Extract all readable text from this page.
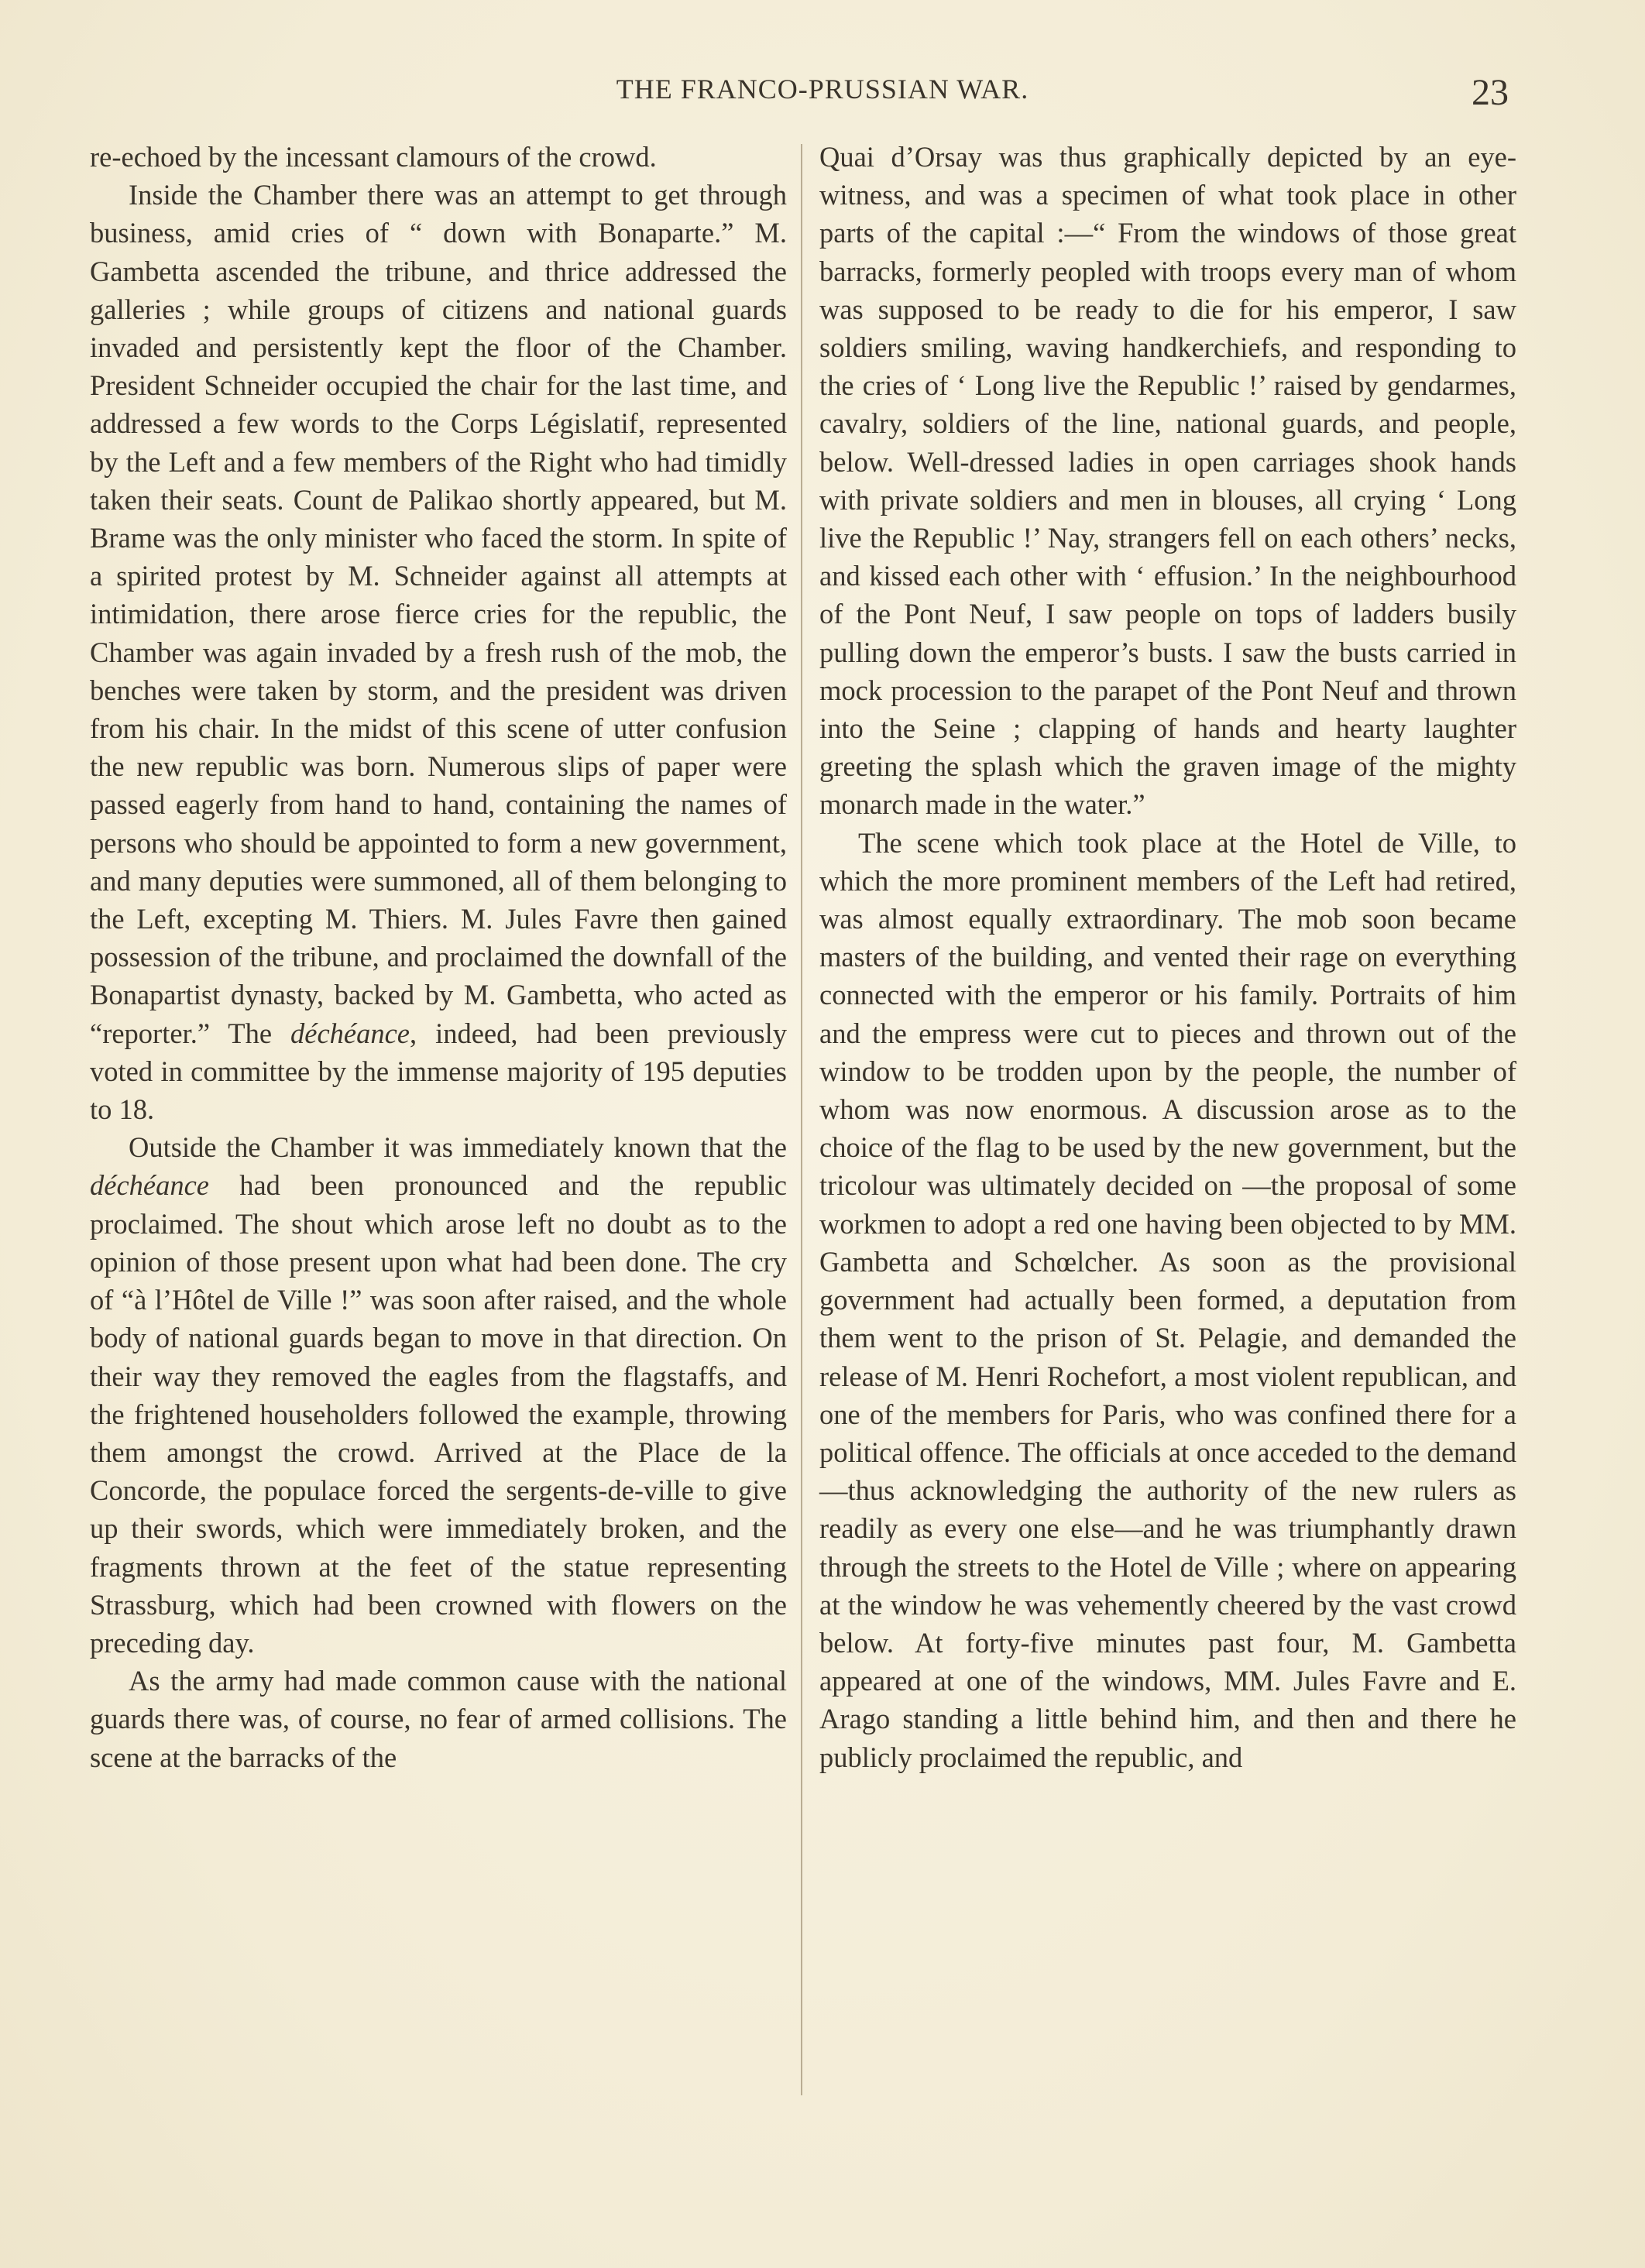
THE FRANCO-PRUSSIAN WAR.	23

re-echoed by the incessant clamours of the crowd.

Inside the Chamber there was an attempt to get through business, amid cries of “ down with Bonaparte.” M. Gambetta ascended the tribune, and thrice addressed the galleries ; while groups of citizens and national guards invaded and persistently kept the floor of the Chamber. President Schneider occupied the chair for the last time, and addressed a few words to the Corps Législatif, represented by the Left and a few members of the Right who had timidly taken their seats. Count de Palikao shortly appeared, but M. Brame was the only minister who faced the storm. In spite of a spirited protest by M. Schneider against all attempts at intimidation, there arose fierce cries for the republic, the Chamber was again invaded by a fresh rush of the mob, the benches were taken by storm, and the president was driven from his chair. In the midst of this scene of utter confusion the new republic was born. Numerous slips of paper were passed eagerly from hand to hand, containing the names of persons who should be appointed to form a new government, and many deputies were summoned, all of them belonging to the Left, excepting M. Thiers. M. Jules Favre then gained possession of the tribune, and proclaimed the downfall of the Bonapartist dynasty, backed by M. Gambetta, who acted as “reporter.” The déchéance, indeed, had been previously voted in committee by the immense majority of 195 deputies to 18.

Outside the Chamber it was immediately known that the déchéance had been pronounced and the republic proclaimed. The shout which arose left no doubt as to the opinion of those present upon what had been done. The cry of “à l’Hôtel de Ville !” was soon after raised, and the whole body of national guards began to move in that direction. On their way they removed the eagles from the flagstaffs, and the frightened householders followed the example, throwing them amongst the crowd. Arrived at the Place de la Concorde, the populace forced the sergents-de-ville to give up their swords, which were immediately broken, and the fragments thrown at the feet of the statue representing Strassburg, which had been crowned with flowers on the preceding day.

As the army had made common cause with the national guards there was, of course, no fear of armed collisions. The scene at the barracks of the

Quai d’Orsay was thus graphically depicted by an eye-witness, and was a specimen of what took place in other parts of the capital :—“ From the windows of those great barracks, formerly peopled with troops every man of whom was supposed to be ready to die for his emperor, I saw soldiers smiling, waving handkerchiefs, and responding to the cries of ‘ Long live the Republic !’ raised by gendarmes, cavalry, soldiers of the line, national guards, and people, below. Well-dressed ladies in open carriages shook hands with private soldiers and men in blouses, all crying ‘ Long live the Republic !’ Nay, strangers fell on each others’ necks, and kissed each other with ‘ effusion.’ In the neighbourhood of the Pont Neuf, I saw people on tops of ladders busily pulling down the emperor’s busts. I saw the busts carried in mock procession to the parapet of the Pont Neuf and thrown into the Seine ; clapping of hands and hearty laughter greeting the splash which the graven image of the mighty monarch made in the water.”

The scene which took place at the Hotel de Ville, to which the more prominent members of the Left had retired, was almost equally extraordinary. The mob soon became masters of the building, and vented their rage on everything connected with the emperor or his family. Portraits of him and the empress were cut to pieces and thrown out of the window to be trodden upon by the people, the number of whom was now enormous. A discussion arose as to the choice of the flag to be used by the new government, but the tricolour was ultimately decided on —the proposal of some workmen to adopt a red one having been objected to by MM. Gambetta and Schœlcher. As soon as the provisional government had actually been formed, a deputation from them went to the prison of St. Pelagie, and demanded the release of M. Henri Rochefort, a most violent republican, and one of the members for Paris, who was confined there for a political offence. The officials at once acceded to the demand—thus acknowledging the authority of the new rulers as readily as every one else—and he was triumphantly drawn through the streets to the Hotel de Ville ; where on appearing at the window he was vehemently cheered by the vast crowd below. At forty-five minutes past four, M. Gambetta appeared at one of the windows, MM. Jules Favre and E. Arago standing a little behind him, and then and there he publicly proclaimed the republic, and
